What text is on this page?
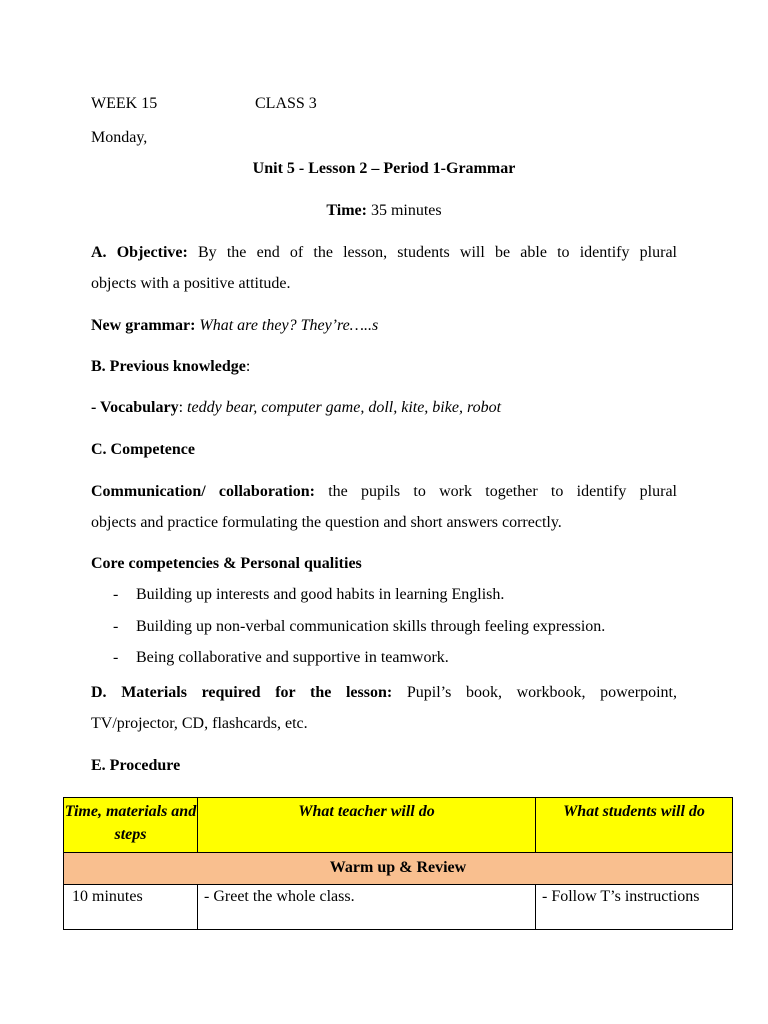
WEEK 15	CLASS 3
Monday,
Unit 5 - Lesson 2 – Period 1-Grammar
Time: 35 minutes
A. Objective: By the end of the lesson, students will be able to identify plural
objects with a positive attitude.
New grammar: What are they? They’re…..s
B. Previous knowledge:
- Vocabulary: teddy bear, computer game, doll, kite, bike, robot
C. Competence
Communication/ collaboration: the pupils to work together to identify plural
objects and practice formulating the question and short answers correctly.
Core competencies & Personal qualities
- Building up interests and good habits in learning English.
- Building up non-verbal communication skills through feeling expression.
- Being collaborative and supportive in teamwork.
D. Materials required for the lesson: Pupil’s book, workbook, powerpoint,
TV/projector, CD, flashcards, etc.
E. Procedure
Time, materials and steps	What teacher will do	What students will do

Warm up & Review		

10 minutes	- Greet the whole class.	- Follow T’s instructions
